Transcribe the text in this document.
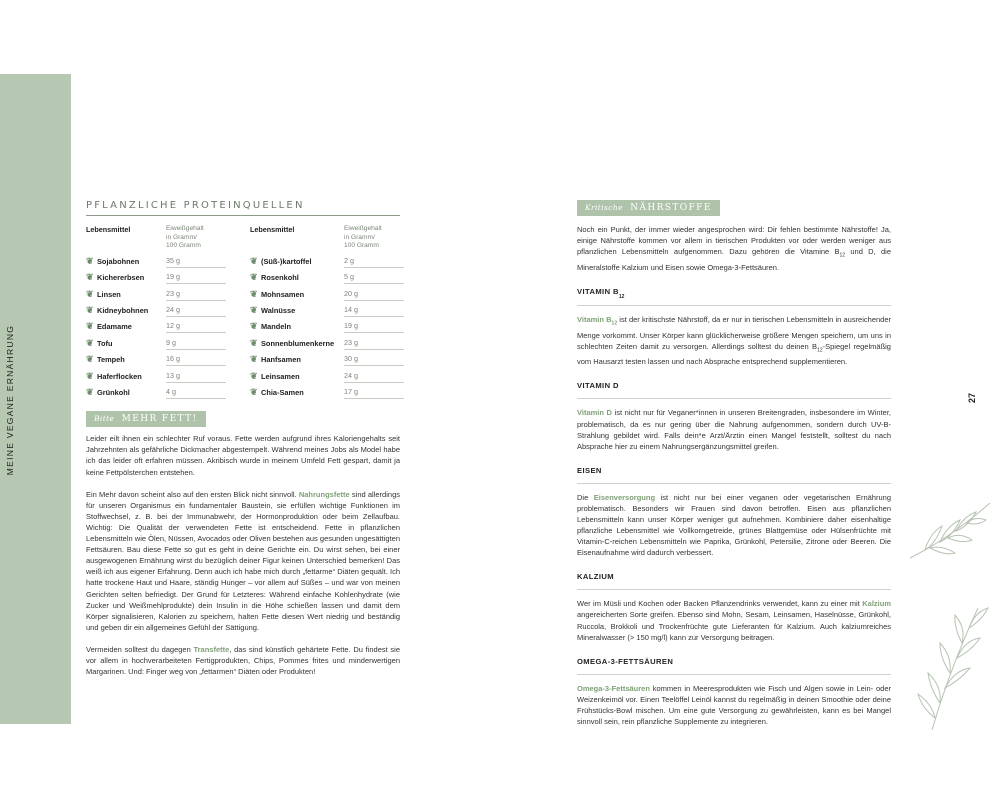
MEINE VEGANE ERNÄHRUNG	27
PFLANZLICHE PROTEINQUELLEN
Lebensmittel	Eiweißgehalt
in Gramm/
100 Gramm
Lebensmittel	Eiweißgehalt
in Gramm/
100 Gramm
❦ Sojabohnen	35 g	❦ (Süß-)kartoffel	2 g
❦ Kichererbsen	19 g	❦ Rosenkohl	5 g
❦ Linsen	23 g	❦ Mohnsamen	20 g
❦ Kidneybohnen	24 g	❦ Walnüsse	14 g
❦ Edamame	12 g	❦ Mandeln	19 g
❦ Tofu	9 g	❦ Sonnenblumenkerne	23 g
❦ Tempeh	16 g	❦ Hanfsamen	30 g
❦ Haferflocken	13 g	❦ Leinsamen	24 g
❦ Grünkohl	4 g	❦ Chia-Samen	17 g
Bitte MEHR FETT!

Leider eilt ihnen ein schlechter Ruf voraus. Fette werden aufgrund ihres Kaloriengehalts seit Jahrzehnten als gefährliche Dickmacher abgestempelt. Während meines Jobs als Model habe ich das leider oft erfahren müssen. Akribisch wurde in meinem Umfeld Fett gespart, damit ja keine Fettpölsterchen entstehen.

Ein Mehr davon scheint also auf den ersten Blick nicht sinnvoll. Nahrungsfette sind allerdings für unseren Organismus ein fundamentaler Baustein, sie erfüllen wichtige Funktionen im Stoffwechsel, z. B. bei der Immunabwehr, der Hormonproduktion oder beim Zellaufbau. Wichtig: Die Qualität der verwendeten Fette ist entscheidend. Fette in pflanzlichen Lebensmitteln wie Ölen, Nüssen, Avocados oder Oliven bestehen aus gesunden ungesättigten Fettsäuren. Bau diese Fette so gut es geht in deine Gerichte ein. Du wirst sehen, bei einer ausgewogenen Ernährung wirst du bezüglich deiner Figur keinen Unterschied bemerken! Das weiß ich aus eigener Erfahrung. Denn auch ich habe mich durch „fettarme“ Diäten gequält. Ich hatte trockene Haut und Haare, ständig Hunger – vor allem auf Süßes – und war von meinen Gerichten selten befriedigt. Der Grund für Letzteres: Während einfache Kohlenhydrate (wie Zucker und Weißmehlprodukte) dein Insulin in die Höhe schießen lassen und damit dem Körper signalisieren, Kalorien zu speichern, halten Fette diesen Wert niedrig und beständig und geben dir ein allgemeines Gefühl der Sättigung.

Vermeiden solltest du dagegen Transfette, das sind künstlich gehärtete Fette. Du findest sie vor allem in hochverarbeiteten Fertigprodukten, Chips, Pommes frites und minderwertigen Margarinen. Und: Finger weg von „fettarmen“ Diäten oder Produkten!

Kritische NÄHRSTOFFE

Noch ein Punkt, der immer wieder angesprochen wird: Dir fehlen bestimmte Nährstoffe! Ja, einige Nährstoffe kommen vor allem in tierischen Produkten vor oder werden weniger aus pflanzlichen Lebensmitteln aufgenommen. Dazu gehören die Vitamine $B_{12}$ und D, die Mineralstoffe Kalzium und Eisen sowie Omega-3-Fettsäuren.

VITAMIN $B_{12}$

Vitamin $B_{12}$ ist der kritischste Nährstoff, da er nur in tierischen Lebensmitteln in ausreichender Menge vorkommt. Unser Körper kann glücklicherweise größere Mengen speichern, um uns in schlechten Zeiten damit zu versorgen. Allerdings solltest du deinen $B_{12}$-Spiegel regelmäßig vom Hausarzt testen lassen und nach Absprache entsprechend supplementieren.

VITAMIN D

Vitamin D ist nicht nur für Veganer*innen in unseren Breitengraden, insbesondere im Winter, problematisch, da es nur gering über die Nahrung aufgenommen, sondern durch UV-B-Strahlung gebildet wird. Falls dein*e Arzt/Ärztin einen Mangel feststellt, solltest du nach Absprache hier zu einem Nahrungsergänzungsmittel greifen.

EISEN

Die Eisenversorgung ist nicht nur bei einer veganen oder vegetarischen Ernährung problematisch. Besonders wir Frauen sind davon betroffen. Eisen aus pflanzlichen Lebensmitteln kann unser Körper weniger gut aufnehmen. Kombiniere daher eisenhaltige pflanzliche Lebensmittel wie Vollkorngetreide, grünes Blattgemüse oder Hülsenfrüchte mit Vitamin-C-reichen Lebensmitteln wie Paprika, Grünkohl, Petersilie, Zitrone oder Beeren. Die Eisenaufnahme wird dadurch verbessert.

KALZIUM

Wer im Müsli und Kochen oder Backen Pflanzendrinks verwendet, kann zu einer mit Kalzium angereicherten Sorte greifen. Ebenso sind Mohn, Sesam, Leinsamen, Haselnüsse, Grünkohl, Ruccola, Brokkoli und Trockenfrüchte gute Lieferanten für Kalzium. Auch kalziumreiches Mineralwasser (> 150 mg/l) kann zur Versorgung beitragen.

OMEGA-3-FETTSÄUREN

Omega-3-Fettsäuren kommen in Meeresprodukten wie Fisch und Algen sowie in Lein- oder Weizenkeimöl vor. Einen Teelöffel Leinöl kannst du regelmäßig in deinen Smoothie oder deine Frühstücks-Bowl mischen. Um eine gute Versorgung zu gewährleisten, kann es bei Mangel sinnvoll sein, rein pflanzliche Supplemente zu integrieren.
